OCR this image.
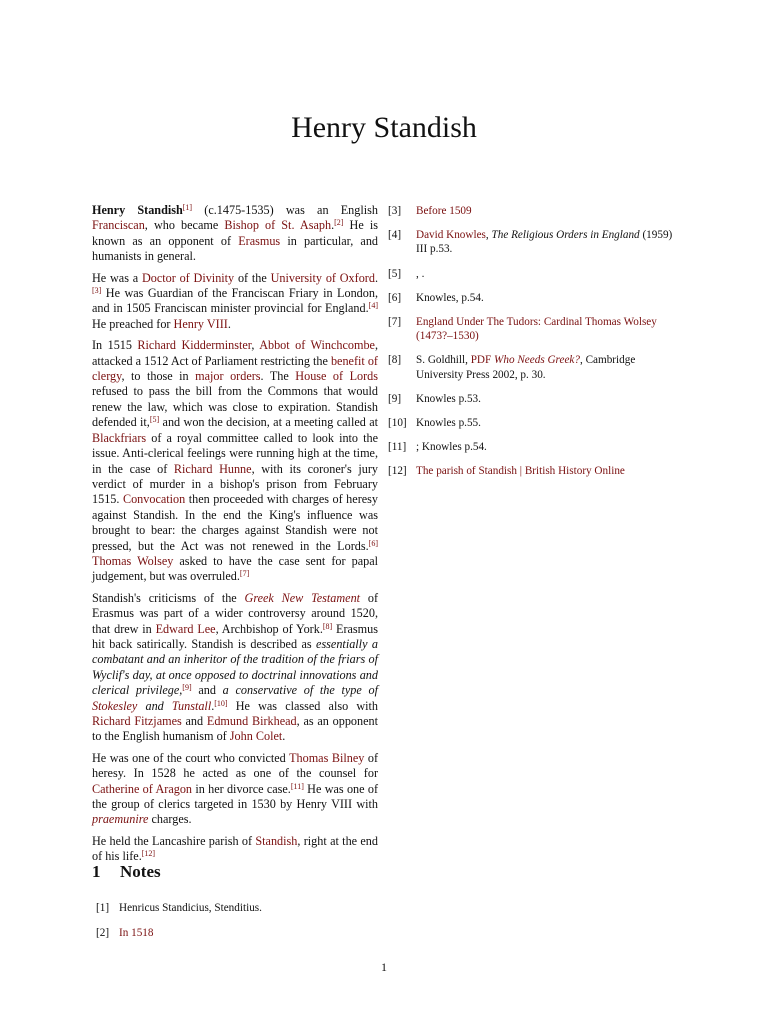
Henry Standish

Henry Standish[1] (c.1475-1535) was an English Franciscan, who became Bishop of St. Asaph.[2] He is known as an opponent of Erasmus in particular, and humanists in general.

He was a Doctor of Divinity of the University of Oxford.[3] He was Guardian of the Franciscan Friary in London, and in 1505 Franciscan minister provincial for England.[4] He preached for Henry VIII.

In 1515 Richard Kidderminster, Abbot of Winchcombe, attacked a 1512 Act of Parliament restricting the benefit of clergy, to those in major orders. The House of Lords refused to pass the bill from the Commons that would renew the law, which was close to expiration. Standish defended it,[5] and won the decision, at a meeting called at Blackfriars of a royal committee called to look into the issue. Anti-clerical feelings were running high at the time, in the case of Richard Hunne, with its coroner's jury verdict of murder in a bishop's prison from February 1515. Convocation then proceeded with charges of heresy against Standish. In the end the King's influence was brought to bear: the charges against Standish were not pressed, but the Act was not renewed in the Lords.[6] Thomas Wolsey asked to have the case sent for papal judgement, but was overruled.[7]

Standish's criticisms of the Greek New Testament of Erasmus was part of a wider controversy around 1520, that drew in Edward Lee, Archbishop of York.[8] Erasmus hit back satirically. Standish is described as essentially a combatant and an inheritor of the tradition of the friars of Wyclif's day, at once opposed to doctrinal innovations and clerical privilege,[9] and a conservative of the type of Stokesley and Tunstall.[10] He was classed also with Richard Fitzjames and Edmund Birkhead, as an opponent to the English humanism of John Colet.

He was one of the court who convicted Thomas Bilney of heresy. In 1528 he acted as one of the counsel for Catherine of Aragon in her divorce case.[11] He was one of the group of clerics targeted in 1530 by Henry VIII with praemunire charges.

He held the Lancashire parish of Standish, right at the end of his life.[12]

1 Notes
[1] Henricus Standicius, Stenditius.
[2] In 1518
[3]	Before 1509
[4]	David Knowles, The Religious Orders in England (1959) III p.53.
[5]	, .
[6]	Knowles, p.54.
[7]	England Under The Tudors: Cardinal Thomas Wolsey (1473?–1530)
[8]	S. Goldhill, PDF Who Needs Greek?, Cambridge University Press 2002, p. 30.
[9]	Knowles p.53.
[10] Knowles p.55.
[11] ; Knowles p.54.
[12] The parish of Standish | British History Online
1
